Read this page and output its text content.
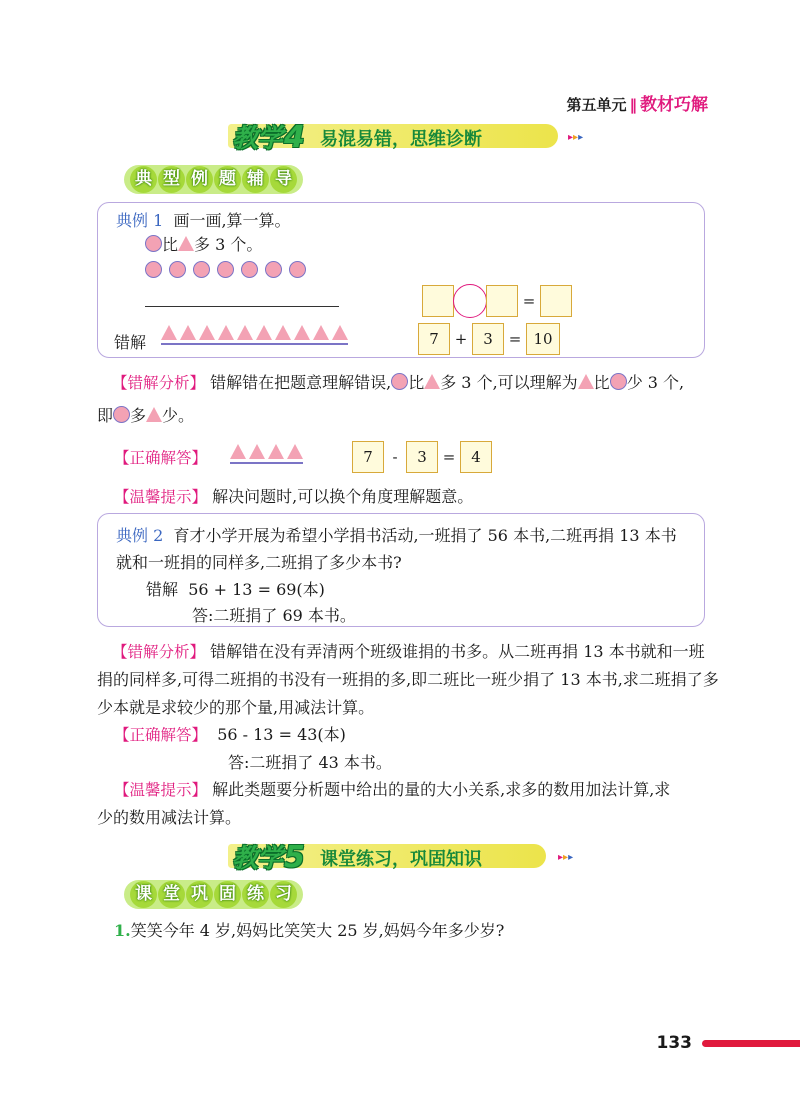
第五单元 ‖ 教材巧解
教学4 易混易错，思维诊断	▸▸▸
典 型 例 题 辅 导
典例 1 画一画,算一算。
比 多 3 个。
=
错解	7 + 3 = 10
【错解分析】 错解错在把题意理解错误, 比 多 3 个,可以理解为 比 少 3 个,
即 多 少。
【正确解答】	7 - 3 = 4
【温馨提示】 解决问题时,可以换个角度理解题意。
典例 2 育才小学开展为希望小学捐书活动,一班捐了 56 本书,二班再捐 13 本书
就和一班捐的同样多,二班捐了多少本书?
错解 56 + 13 = 69(本)
答:二班捐了 69 本书。
【错解分析】 错解错在没有弄清两个班级谁捐的书多。从二班再捐 13 本书就和一班
捐的同样多,可得二班捐的书没有一班捐的多,即二班比一班少捐了 13 本书,求二班捐了多
少本就是求较少的那个量,用减法计算。
【正确解答】 56 - 13 = 43(本)
答:二班捐了 43 本书。
【温馨提示】 解此类题要分析题中给出的量的大小关系,求多的数用加法计算,求
少的数用减法计算。
教学5 课堂练习，巩固知识	▸▸▸
课 堂 巩 固 练 习
1.笑笑今年 4 岁,妈妈比笑笑大 25 岁,妈妈今年多少岁?
133
